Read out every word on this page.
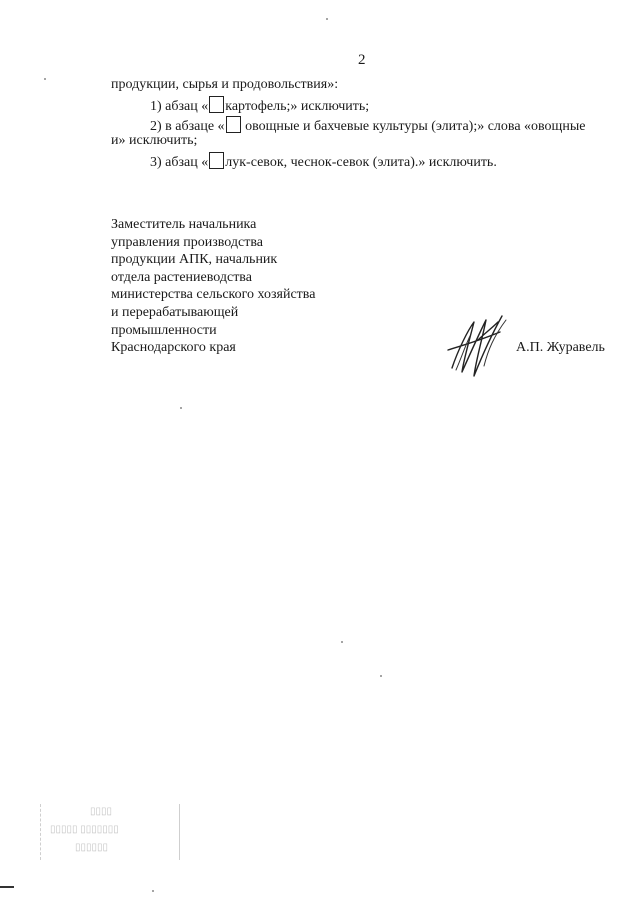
2
продукции, сырья и продовольствия»:
1) абзац « картофель;» исключить;
2) в абзаце « овощные и бахчевые культуры (элита);» слова «овощные
и» исключить;
3) абзац « лук-севок, чеснок-севок (элита).» исключить.
Заместитель начальника
управления производства
продукции АПК, начальник
отдела растениеводства
министерства сельского хозяйства
и перерабатывающей
промышленности
Краснодарского края	А.П. Журавель
▯▯▯▯
▯▯▯▯▯ ▯▯▯▯▯▯▯
▯▯▯▯▯▯
